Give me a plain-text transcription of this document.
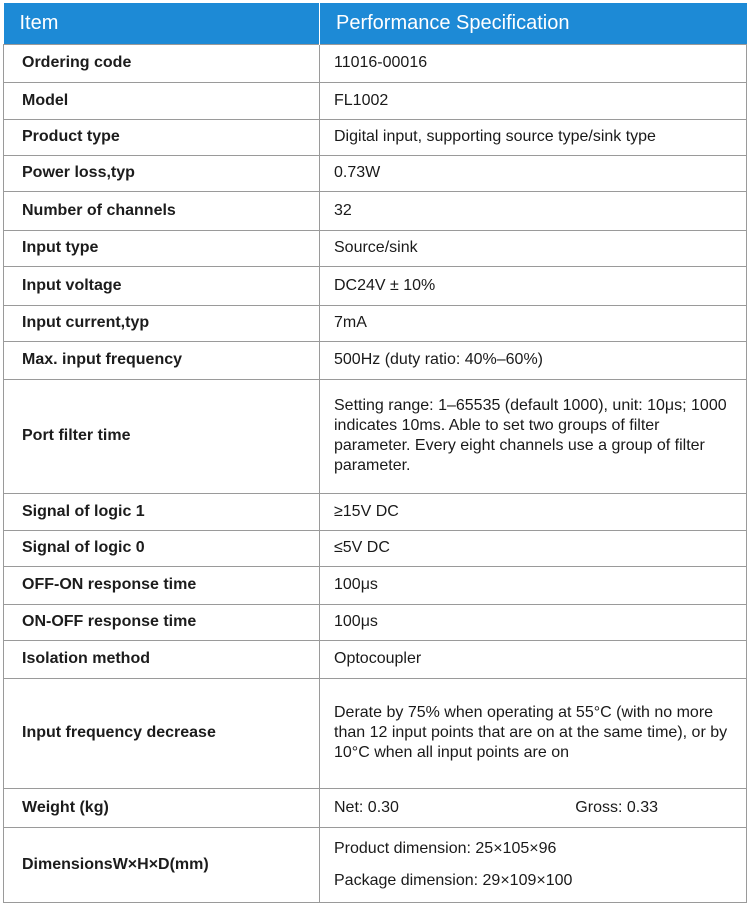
Item	Performance Specification
Ordering code	11016-00016
Model	FL1002
Product type	Digital input, supporting source type/sink type
Power loss,typ	0.73W
Number of channels	32
Input type	Source/sink
Input voltage	DC24V ± 10%
Input current,typ	7mA
Max. input frequency	500Hz (duty ratio: 40%–60%)
Port filter time	Setting range: 1–65535 (default 1000), unit: 10μs; 1000 indicates 10ms. Able to set two groups of filter parameter. Every eight channels use a group of filter parameter.
Signal of logic 1	≥15V DC
Signal of logic 0	≤5V DC
OFF-ON response time	100μs
ON-OFF response time	100μs
Isolation method	Optocoupler
Input frequency decrease	Derate by 75% when operating at 55°C (with no more than 12 input points that are on at the same time), or by 10°C when all input points are on
Weight (kg)	Net: 0.30 Gross: 0.33

DimensionsW×H×D(mm)	Product dimension: 25×105×96
Package dimension: 29×109×100
